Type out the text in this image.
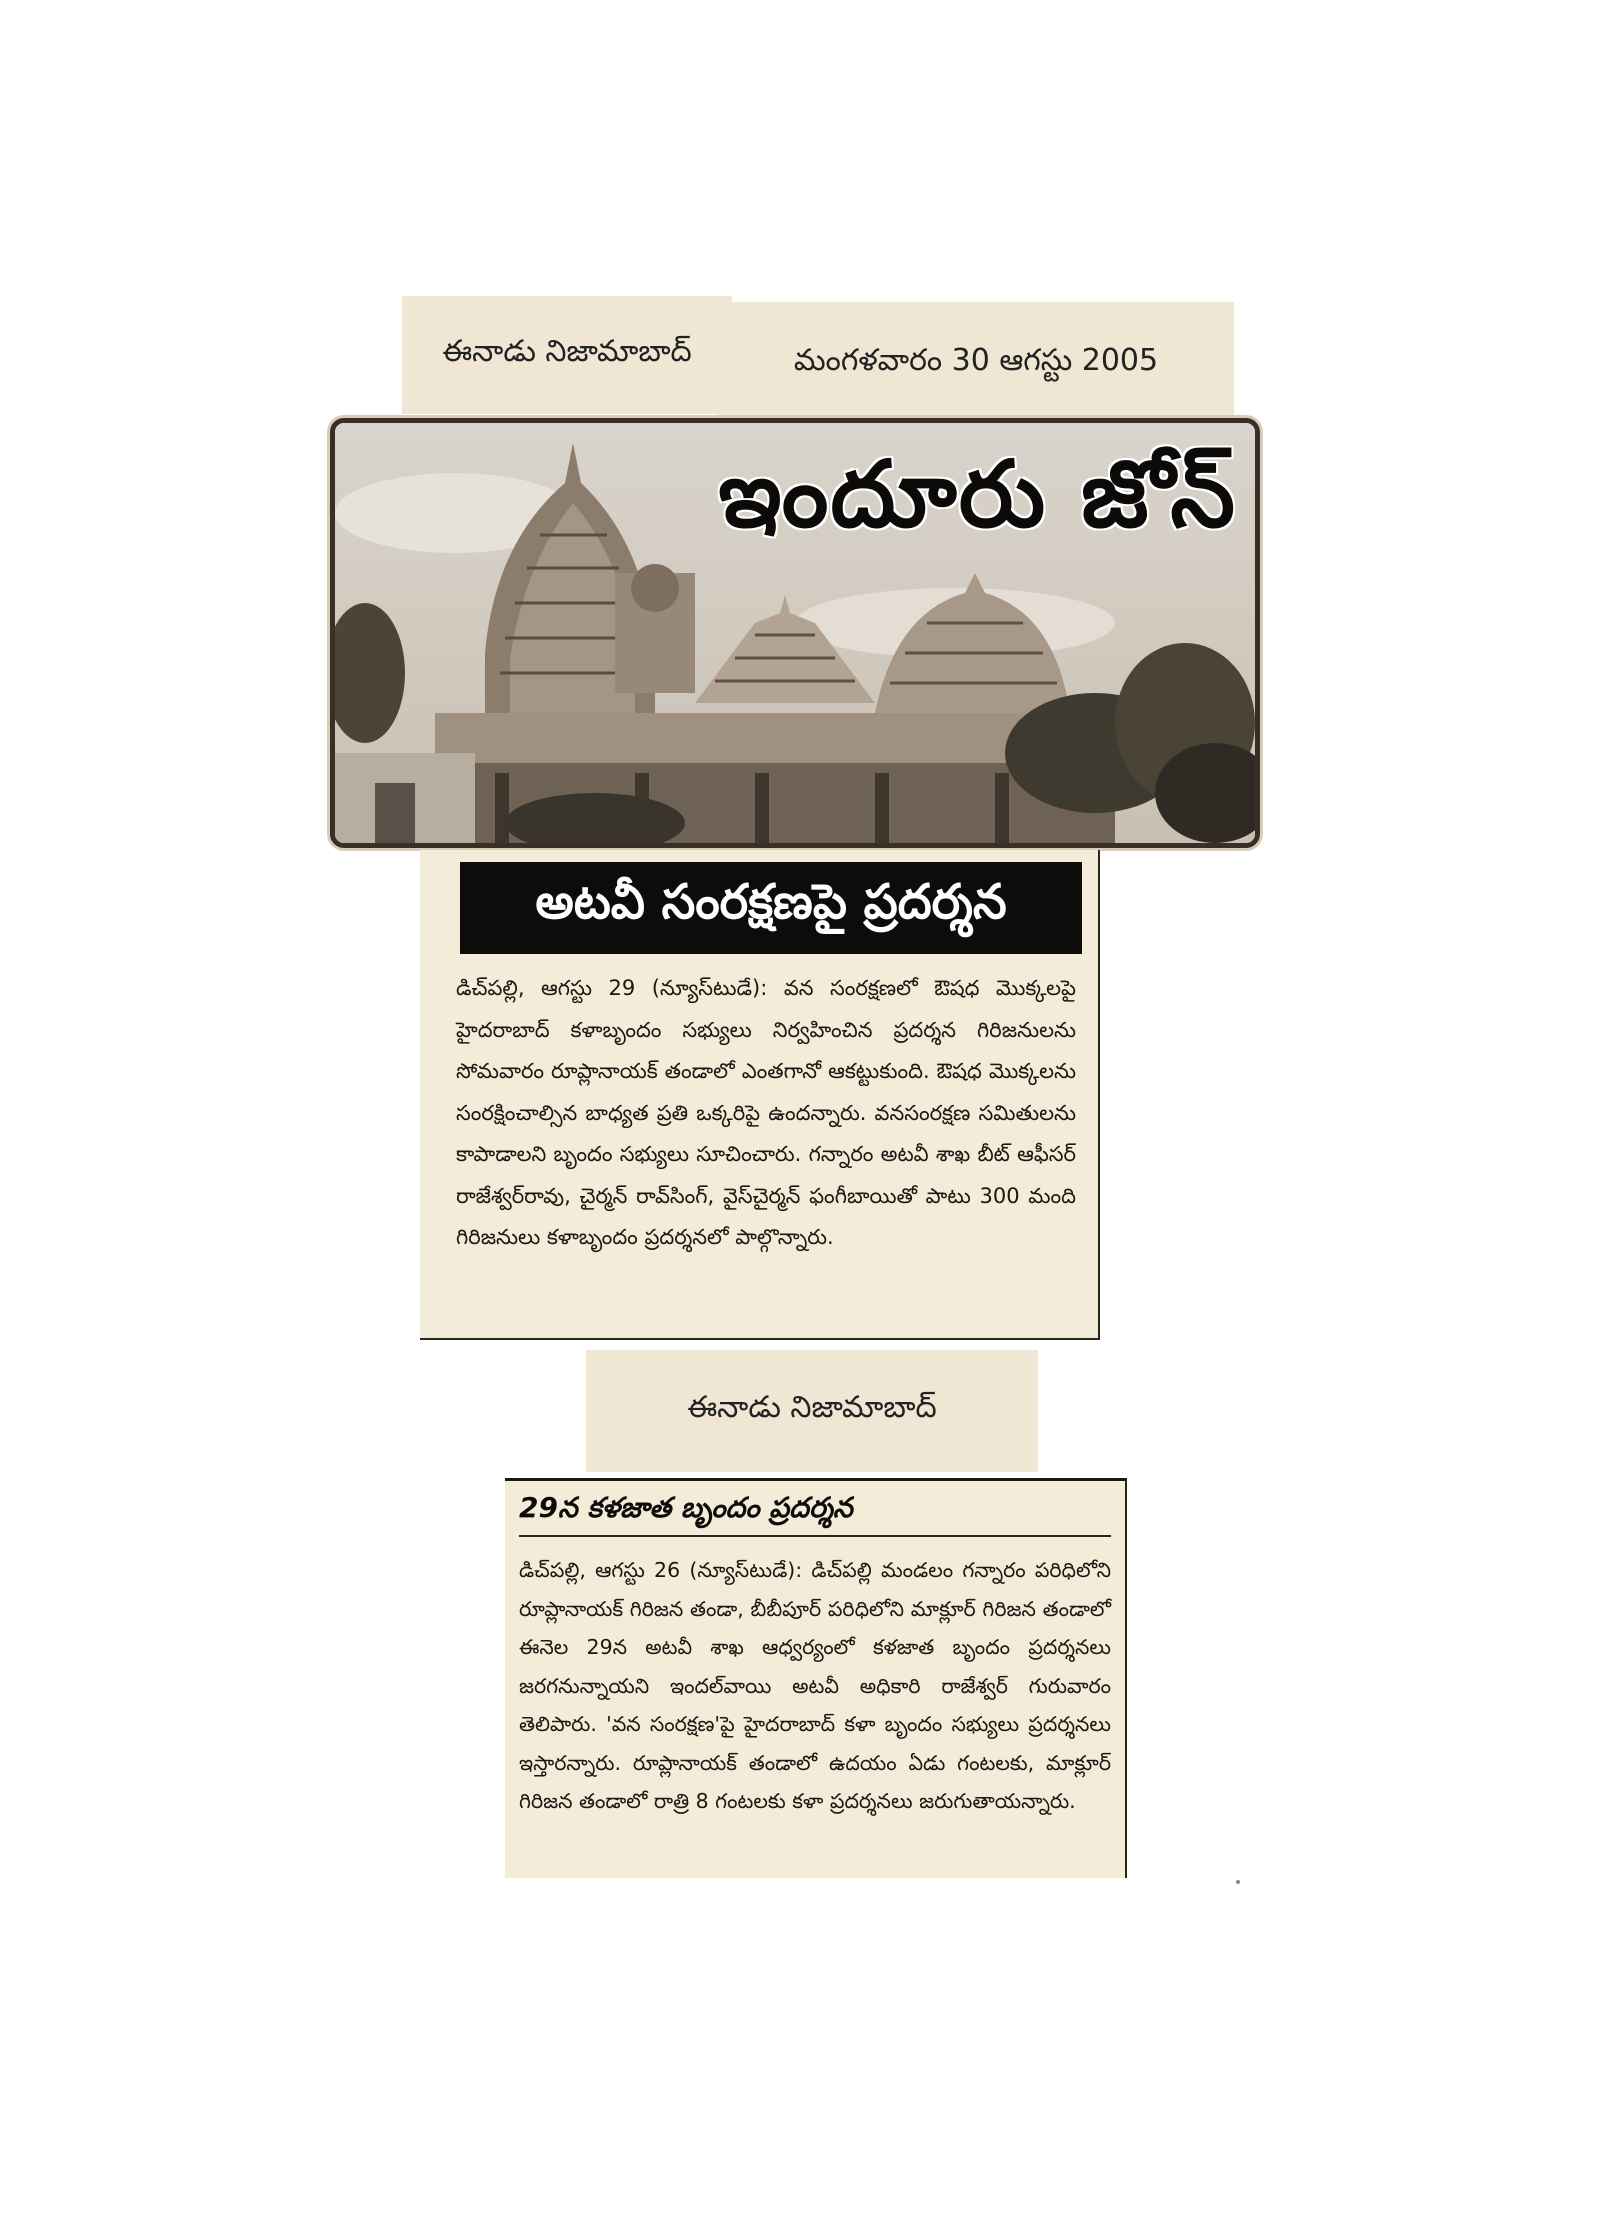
ఈనాడు నిజామాబాద్	మంగళవారం 30 ఆగస్టు 2005
ఇందూరు జోన్
అటవీ సంరక్షణపై ప్రదర్శన
డిచ్‌పల్లి, ఆగస్టు 29 (న్యూస్‌టుడే): వన సంరక్షణలో ఔషధ మొక్కలపై హైదరాబాద్ కళాబృందం సభ్యులు నిర్వహించిన ప్రదర్శన గిరిజనులను సోమవారం రూప్లానాయక్ తండాలో ఎంతగానో ఆకట్టుకుంది. ఔషధ మొక్కలను సంరక్షించాల్సిన బాధ్యత ప్రతి ఒక్కరిపై ఉందన్నారు. వనసంరక్షణ సమితులను కాపాడాలని బృందం సభ్యులు సూచించారు. గన్నారం అటవీ శాఖ బీట్ ఆఫీసర్ రాజేశ్వర్‌రావు, చైర్మన్ రావ్‌సింగ్, వైస్‌చైర్మన్ ఫంగీబాయితో పాటు 300 మంది గిరిజనులు కళాబృందం ప్రదర్శనలో పాల్గొన్నారు.
ఈనాడు నిజామాబాద్
29న కళజాత బృందం ప్రదర్శన
డిచ్‌పల్లి, ఆగస్టు 26 (న్యూస్‌టుడే): డిచ్‌పల్లి మండలం గన్నారం పరిధిలోని రూప్లానాయక్ గిరిజన తండా, బీబీపూర్ పరిధిలోని మాక్లూర్ గిరిజన తండాలో ఈనెల 29న అటవీ శాఖ ఆధ్వర్యంలో కళజాత బృందం ప్రదర్శనలు జరగనున్నాయని ఇందల్‌వాయి అటవీ అధికారి రాజేశ్వర్ గురువారం తెలిపారు. 'వన సంరక్షణ'పై హైదరాబాద్ కళా బృందం సభ్యులు ప్రదర్శనలు ఇస్తారన్నారు. రూప్లానాయక్ తండాలో ఉదయం ఏడు గంటలకు, మాక్లూర్ గిరిజన తండాలో రాత్రి 8 గంటలకు కళా ప్రదర్శనలు జరుగుతాయన్నారు.
